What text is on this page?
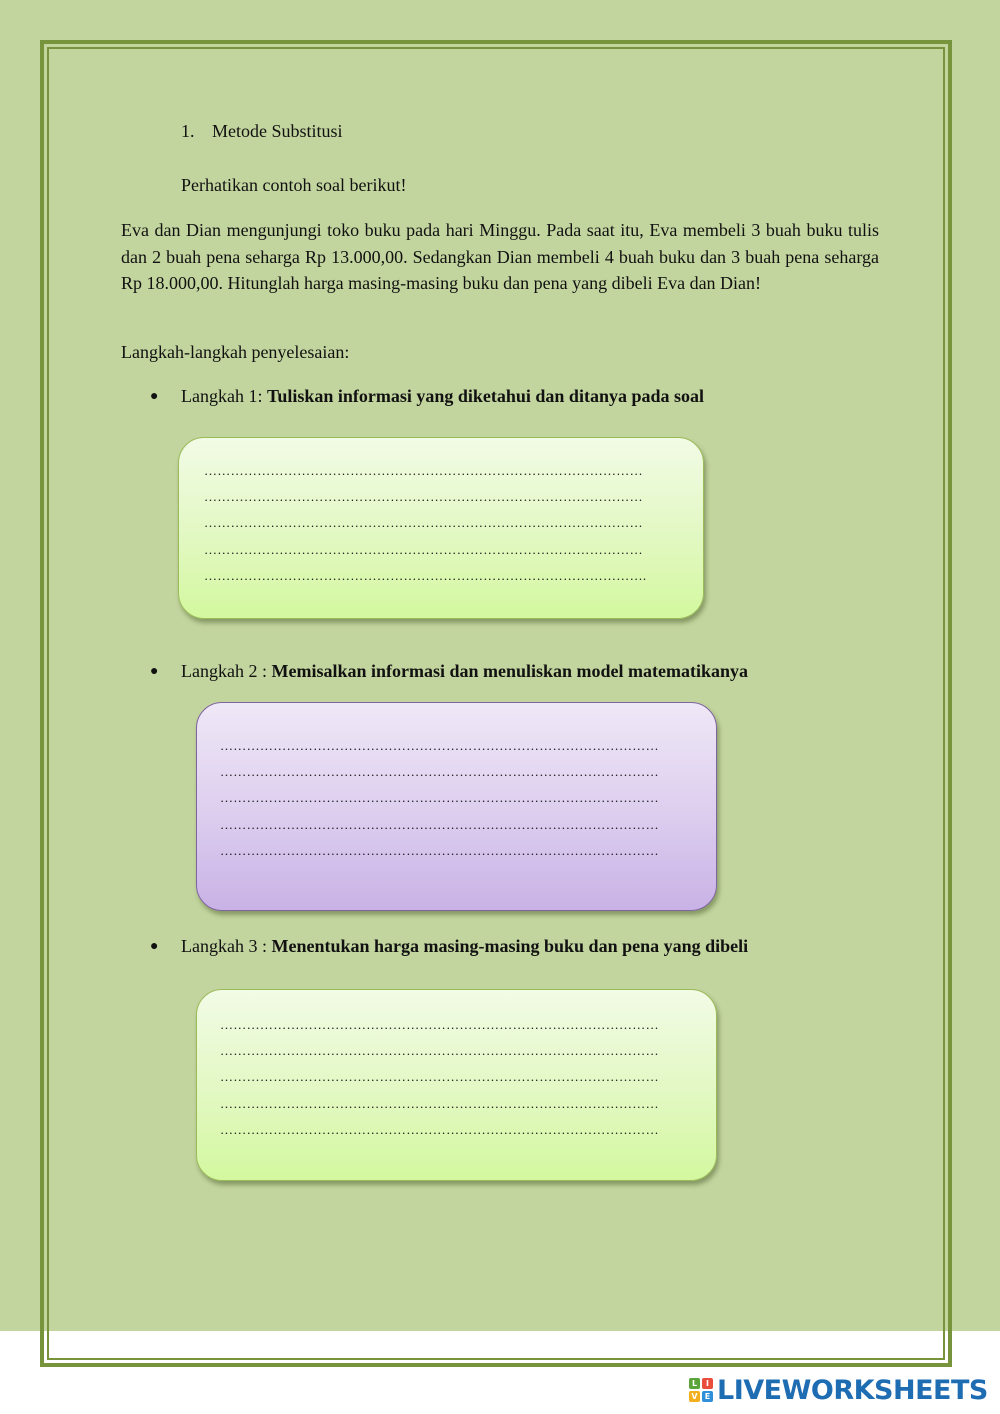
1. Metode Substitusi
Perhatikan contoh soal berikut!

Eva dan Dian mengunjungi toko buku pada hari Minggu. Pada saat itu, Eva membeli 3 buah buku tulis dan 2 buah pena seharga Rp 13.000,00. Sedangkan Dian membeli 4 buah buku dan 3 buah pena seharga Rp 18.000,00. Hitunglah harga masing-masing buku dan pena yang dibeli Eva dan Dian!

Langkah-langkah penyelesaian:
● Langkah 1: Tuliskan informasi yang diketahui dan ditanya pada soal
………………………………………………………………………………………
………………………………………………………………………………………
………………………………………………………………………………………
………………………………………………………………………………………
……………………………………………………………………………………….
● Langkah 2 : Memisalkan informasi dan menuliskan model matematikanya
………………………………………………………………………………………
………………………………………………………………………………………
………………………………………………………………………………………
………………………………………………………………………………………
………………………………………………………………………………………
● Langkah 3 : Menentukan harga masing-masing buku dan pena yang dibeli
………………………………………………………………………………………
………………………………………………………………………………………
………………………………………………………………………………………
………………………………………………………………………………………
………………………………………………………………………………………
L	I
V E LIVEWORKSHEETS
